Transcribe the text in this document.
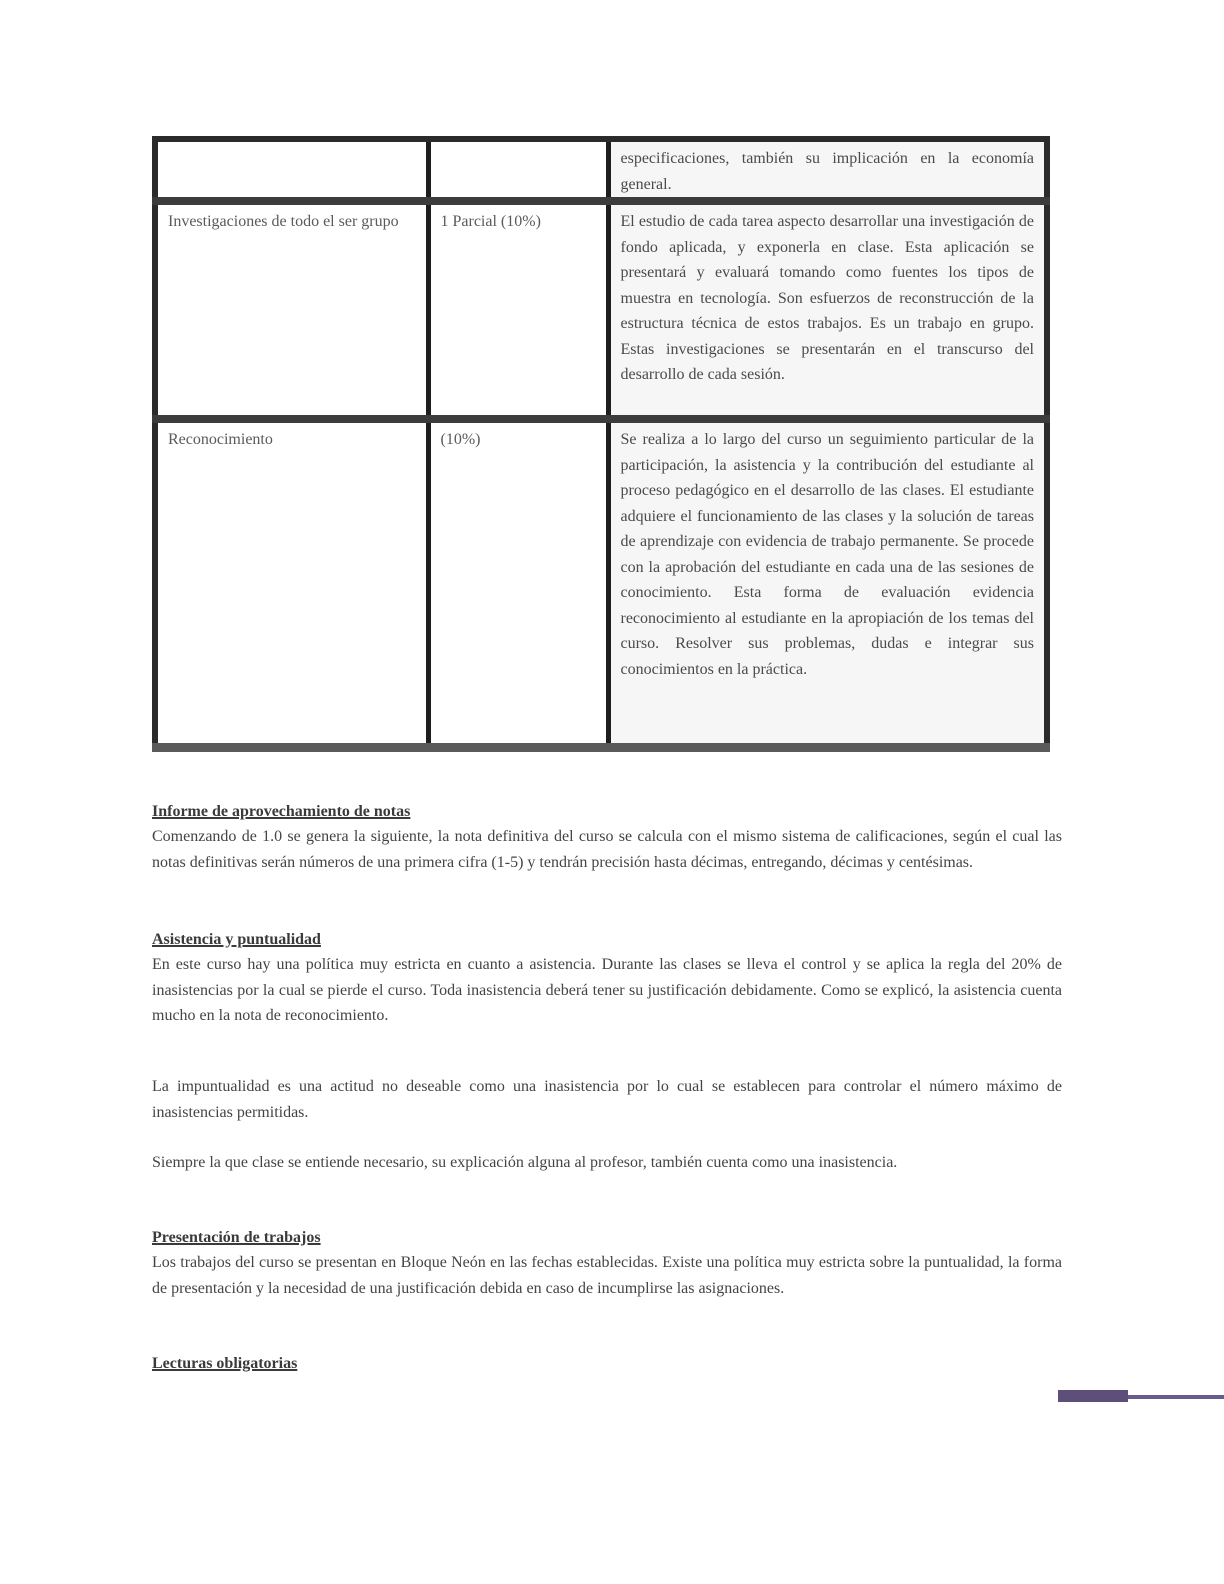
		especificaciones, también su implicación en la economía general.
Investigaciones de todo el ser grupo	1 Parcial (10%)	El estudio de cada tarea aspecto desarrollar una investigación de fondo aplicada, y exponerla en clase. Esta aplicación se presentará y evaluará tomando como fuentes los tipos de muestra en tecnología. Son esfuerzos de reconstrucción de la estructura técnica de estos trabajos. Es un trabajo en grupo. Estas investigaciones se presentarán en el transcurso del desarrollo de cada sesión.
Reconocimiento	(10%)	Se realiza a lo largo del curso un seguimiento particular de la participación, la asistencia y la contribución del estudiante al proceso pedagógico en el desarrollo de las clases. El estudiante adquiere el funcionamiento de las clases y la solución de tareas de aprendizaje con evidencia de trabajo permanente. Se procede con la aprobación del estudiante en cada una de las sesiones de conocimiento. Esta forma de evaluación evidencia reconocimiento al estudiante en la apropiación de los temas del curso. Resolver sus problemas, dudas e integrar sus conocimientos en la práctica.

Informe de aprovechamiento de notas

Comenzando de 1.0 se genera la siguiente, la nota definitiva del curso se calcula con el mismo sistema de calificaciones, según el cual las notas definitivas serán números de una primera cifra (1-5) y tendrán precisión hasta décimas, entregando, décimas y centésimas.

Asistencia y puntualidad

En este curso hay una política muy estricta en cuanto a asistencia. Durante las clases se lleva el control y se aplica la regla del 20% de inasistencias por la cual se pierde el curso. Toda inasistencia deberá tener su justificación debidamente. Como se explicó, la asistencia cuenta mucho en la nota de reconocimiento.

La impuntualidad es una actitud no deseable como una inasistencia por lo cual se establecen para controlar el número máximo de inasistencias permitidas.

Siempre la que clase se entiende necesario, su explicación alguna al profesor, también cuenta como una inasistencia.

Presentación de trabajos

Los trabajos del curso se presentan en Bloque Neón en las fechas establecidas. Existe una política muy estricta sobre la puntualidad, la forma de presentación y la necesidad de una justificación debida en caso de incumplirse las asignaciones.

Lecturas obligatorias
